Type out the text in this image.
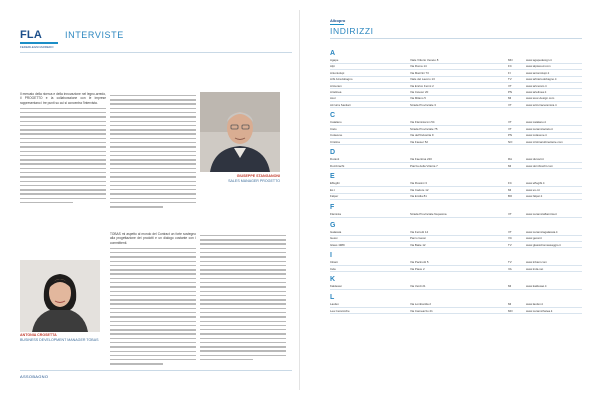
FLA
FEDERLEGNOARREDO
INTERVISTE
Il mercato della ricerca e della innovazione nel legno-arredo, il PROGETTO e la collaborazione con le imprese rappresentano i tre punti su cui si concentra l'intervista.
GIUSEPPE STANGANONI
SALES MANAGER PROGETTO
ANTONIA CROSETTA
BUSINESS DEVELOPMENT MANAGER TOBAS
TOBAS mi aspetto al mondo del Contract un forte sostegno alla progettazione dei prodotti e un dialogo costante con i committenti.
ASSOBAGNO
Albopro
INDIRIZZI
A
Agape	Viale Vittorio Veneto 8	MN	www.agapedesign.it
Alpi	Via Roma 14	FC	www.alpiwood.com
Antoniolupi	Via Mazzini 73	FI	www.antoniolupi.it
Arbi Arredobagno	Viale del Lavoro 13	TV	www.arbiarredobagno.it
Artceram	Via Enrico Fermi 2	VT	www.artceram.it
Artelinea	Via Cavour 20	PN	www.artelinea.it
Axor	Via Milano 5	MI	www.axor-design.com
Azzurra Sanitari	Strada Provinciale 3	VT	www.azzurraceramica.it
C
Catalano	Via Flaminia km 54	VT	www.catalano.it
Cielo	Strada Provinciale 75	VT	www.ceramicacielo.it
Colavene	Via dell'Industria 9	PN	www.colavene.it
Cristina	Via Fauser 52	NO	www.cristinarubinetterie.com
D
Duravit	Via Faentina 220	RA	www.duravit.it
Dornbracht	Piazza della Vittoria 7	MI	www.dornbracht.com
E
Effegibi	Via Rossini 3	FC	www.effegibi.it
Ex.t	Via Cadore 12	MI	www.ex-t.it
Falper	Via Emilia 81	BO	www.falper.it
F
Flaminia	Strada Provinciale Nepesina	VT	www.ceramicaflaminia.it
G
Galassia	Via Ferretti 14	VT	www.ceramicagalassia.it
Gessi	Parco Gessi	VC	www.gessi.it
Glass 1989	Via Baite 12	TV	www.glassidromassaggio.it
I
Inbani	Via Pacinotti 5	TV	www.inbani.com
Inda	Via Piave 2	VA	www.inda.net
K
Kaldewei	Via Verdi 21	MI	www.kaldewei.it
L
Laufen	Via Lombardia 2	MI	www.laufen.it
Lea Ceramiche	Via Cameazzo 21	MO	www.ceramichelea.it
